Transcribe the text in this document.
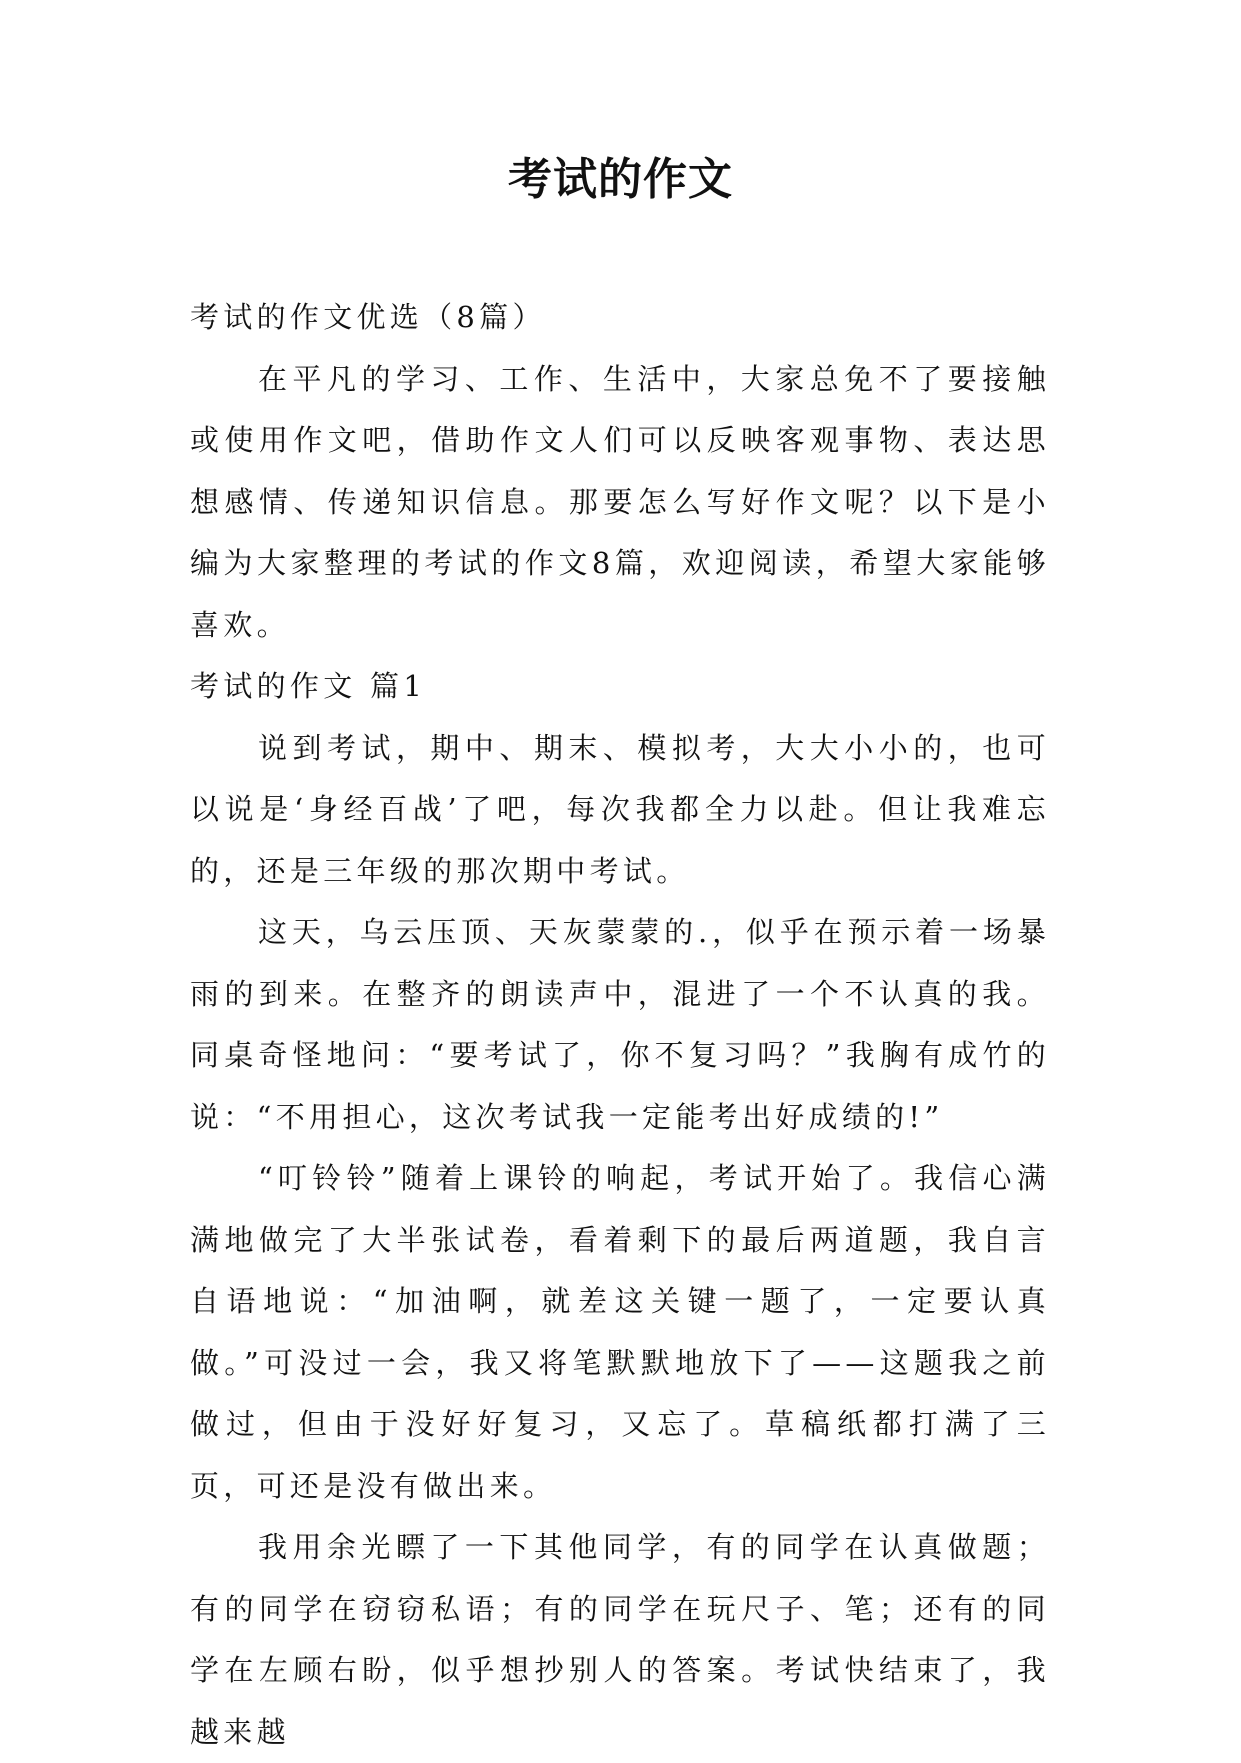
考试的作文

考试的作文优选（8篇）

在平凡的学习、工作、生活中，大家总免不了要接触或使用作文吧，借助作文人们可以反映客观事物、表达思想感情、传递知识信息。那要怎么写好作文呢？以下是小编为大家整理的考试的作文8篇，欢迎阅读，希望大家能够喜欢。

考试的作文 篇1

说到考试，期中、期末、模拟考，大大小小的，也可以说是‘身经百战’了吧，每次我都全力以赴。但让我难忘的，还是三年级的那次期中考试。

这天，乌云压顶、天灰蒙蒙的.，似乎在预示着一场暴雨的到来。在整齐的朗读声中，混进了一个不认真的我。同桌奇怪地问：“要考试了，你不复习吗？”我胸有成竹的说：“不用担心，这次考试我一定能考出好成绩的!”

“叮铃铃”随着上课铃的响起，考试开始了。我信心满满地做完了大半张试卷，看着剩下的最后两道题，我自言自语地说：“加油啊，就差这关键一题了，一定要认真做。”可没过一会，我又将笔默默地放下了——这题我之前做过，但由于没好好复习，又忘了。草稿纸都打满了三页，可还是没有做出来。

我用余光瞟了一下其他同学，有的同学在认真做题；有的同学在窃窃私语；有的同学在玩尺子、笔；还有的同学在左顾右盼，似乎想抄别人的答案。考试快结束了，我越来越
